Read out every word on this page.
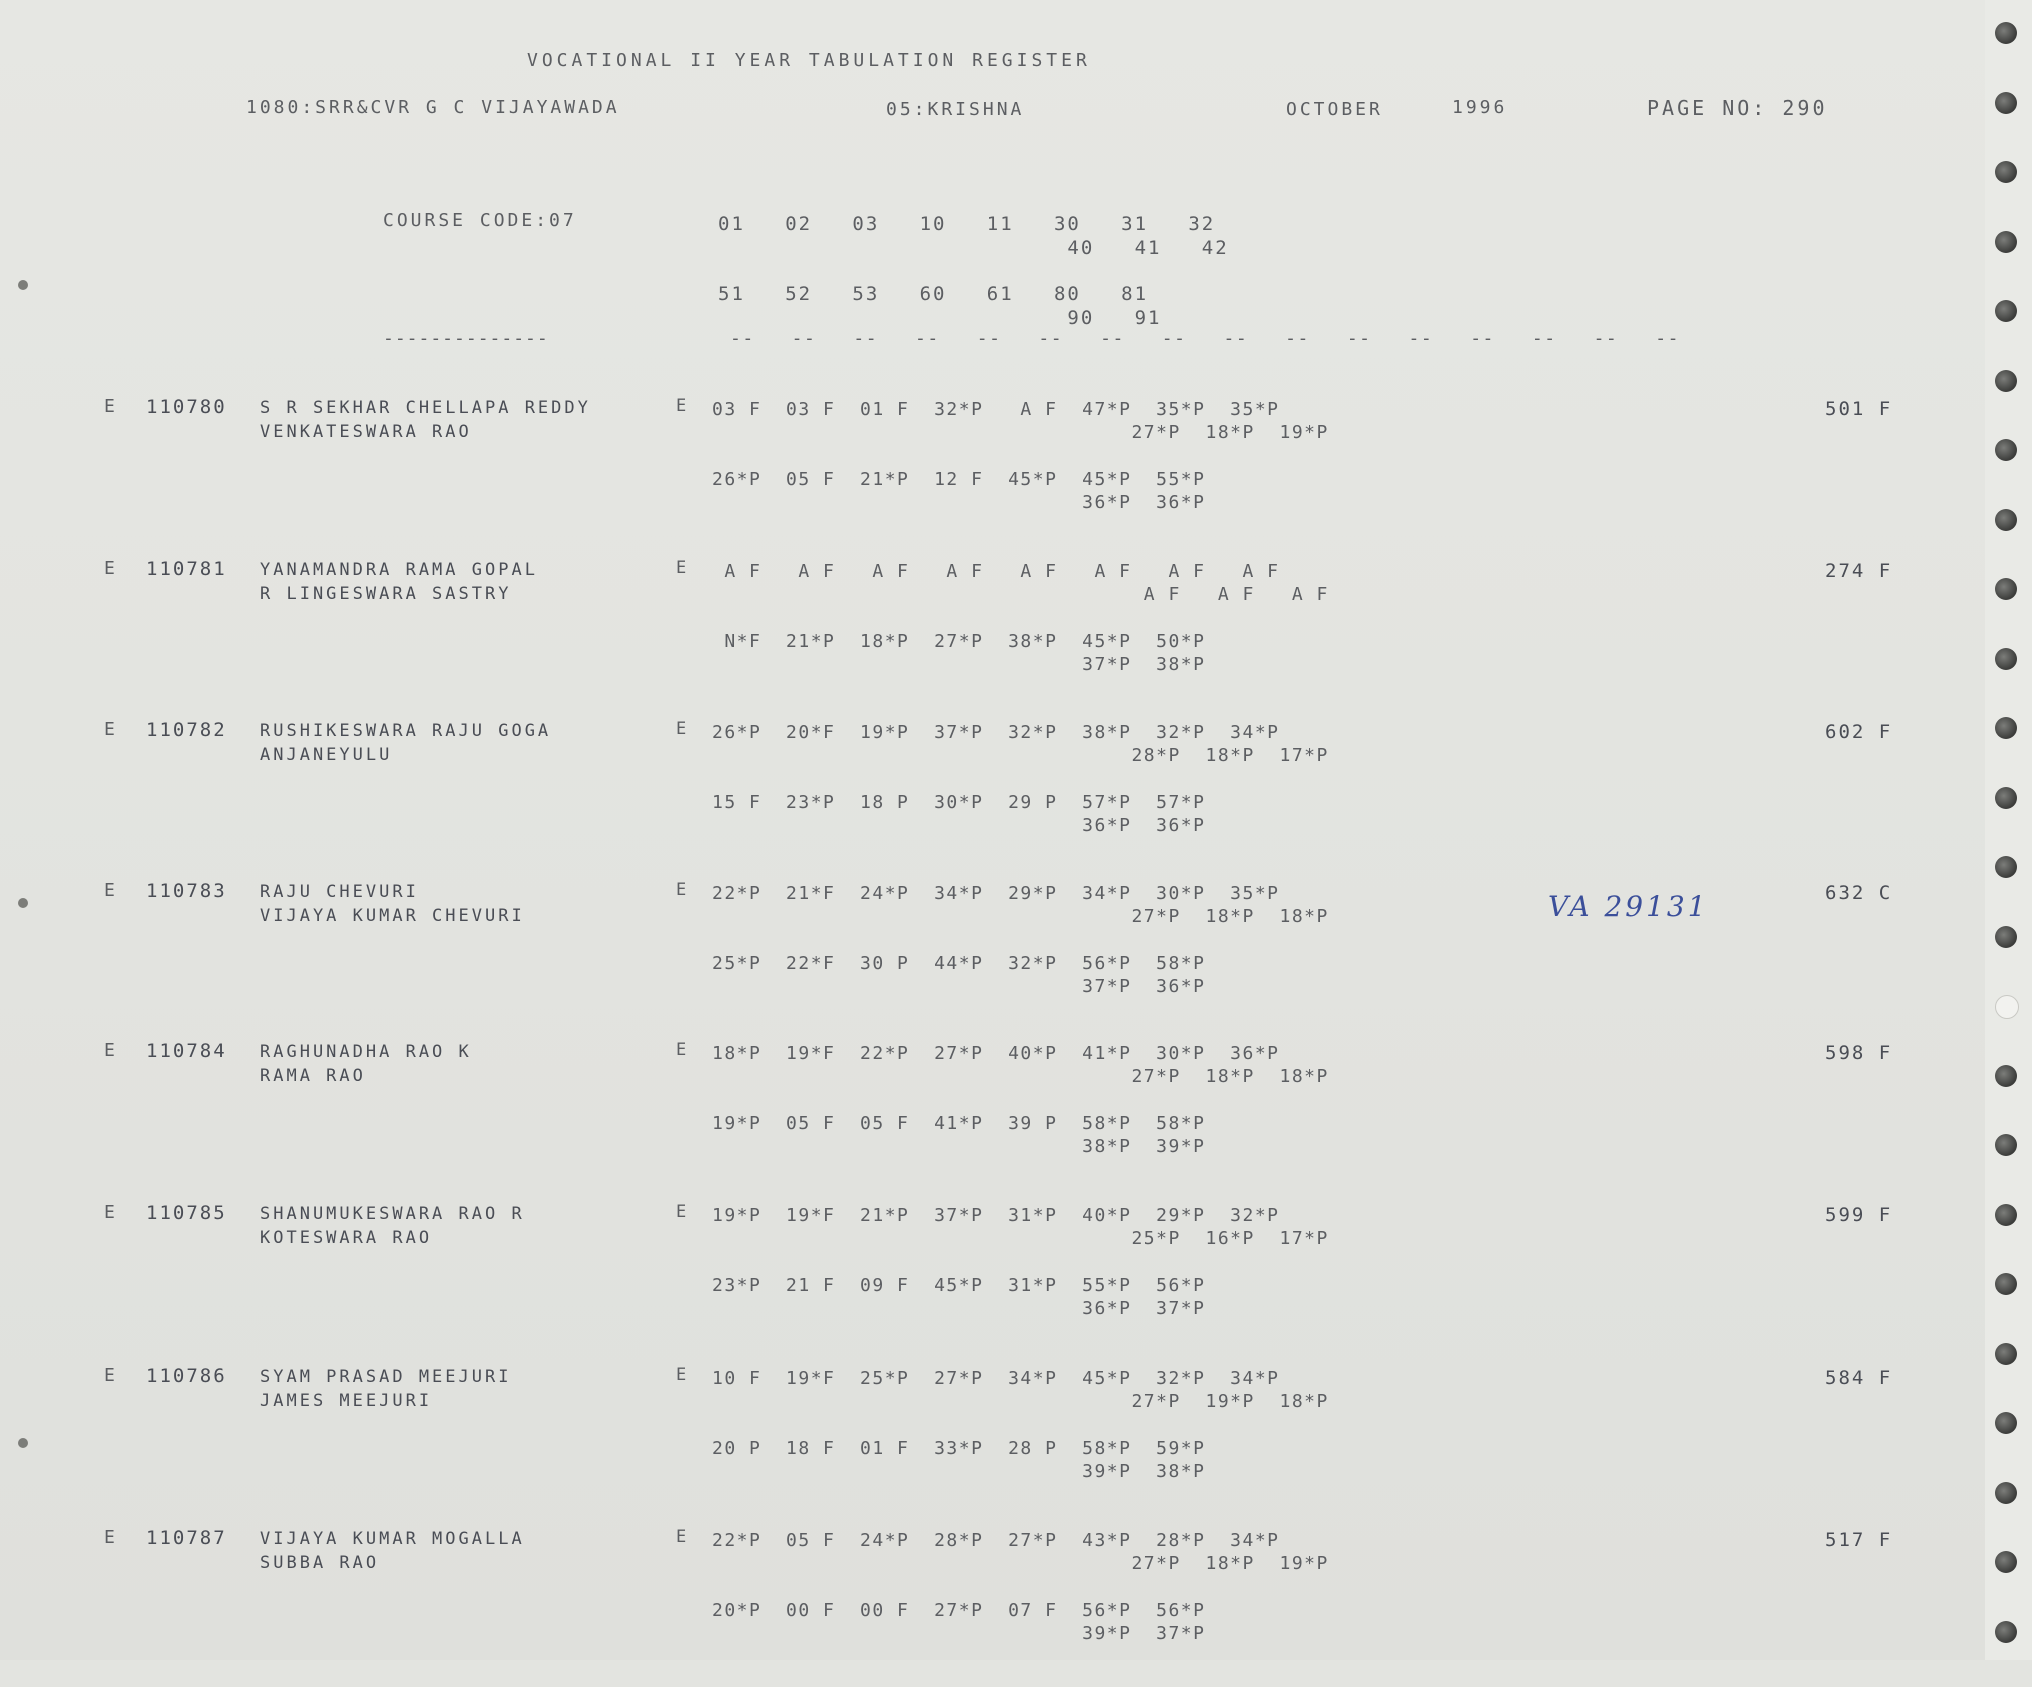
VOCATIONAL II YEAR TABULATION REGISTER
1080:SRR&CVR G C VIJAYAWADA	05:KRISHNA	OCTOBER	1996	PAGE NO: 290
COURSE CODE:07	01   02   03   10   11   30   31   32
40   41   42
51   52   53   60   61   80   81
90   91
--------------	--   --   --   --   --   --   --   --   --   --   --   --   --   --   --   --
E 110780 S R SEKHAR CHELLAPA REDDY
VENKATESWARA RAO
E 03 F  03 F  01 F  32*P   A F  47*P  35*P  35*P
27*P  18*P  19*P
26*P  05 F  21*P  12 F  45*P  45*P  55*P
36*P  36*P
501 F
E 110781 YANAMANDRA RAMA GOPAL
R LINGESWARA SASTRY
E A F   A F   A F   A F   A F   A F   A F   A F
A F   A F   A F
N*F  21*P  18*P  27*P  38*P  45*P  50*P
37*P  38*P
274 F
E 110782 RUSHIKESWARA RAJU GOGA
ANJANEYULU
E 26*P  20*F  19*P  37*P  32*P  38*P  32*P  34*P
28*P  18*P  17*P
15 F  23*P  18 P  30*P  29 P  57*P  57*P
36*P  36*P
602 F
E 110783 RAJU CHEVURI
VIJAYA KUMAR CHEVURI
E 22*P  21*F  24*P  34*P  29*P  34*P  30*P  35*P
27*P  18*P  18*P
25*P  22*F  30 P  44*P  32*P  56*P  58*P
37*P  36*P
632 C
E 110784 RAGHUNADHA RAO K
RAMA RAO
E 18*P  19*F  22*P  27*P  40*P  41*P  30*P  36*P
27*P  18*P  18*P
19*P  05 F  05 F  41*P  39 P  58*P  58*P
38*P  39*P
598 F
E 110785 SHANUMUKESWARA RAO R
KOTESWARA RAO
E 19*P  19*F  21*P  37*P  31*P  40*P  29*P  32*P
25*P  16*P  17*P
23*P  21 F  09 F  45*P  31*P  55*P  56*P
36*P  37*P
599 F
E 110786 SYAM PRASAD MEEJURI
JAMES MEEJURI
E 10 F  19*F  25*P  27*P  34*P  45*P  32*P  34*P
27*P  19*P  18*P
20 P  18 F  01 F  33*P  28 P  58*P  59*P
39*P  38*P
584 F
E 110787 VIJAYA KUMAR MOGALLA
SUBBA RAO
E 22*P  05 F  24*P  28*P  27*P  43*P  28*P  34*P
27*P  18*P  19*P
20*P  00 F  00 F  27*P  07 F  56*P  56*P
39*P  37*P
517 F
VA 29131
